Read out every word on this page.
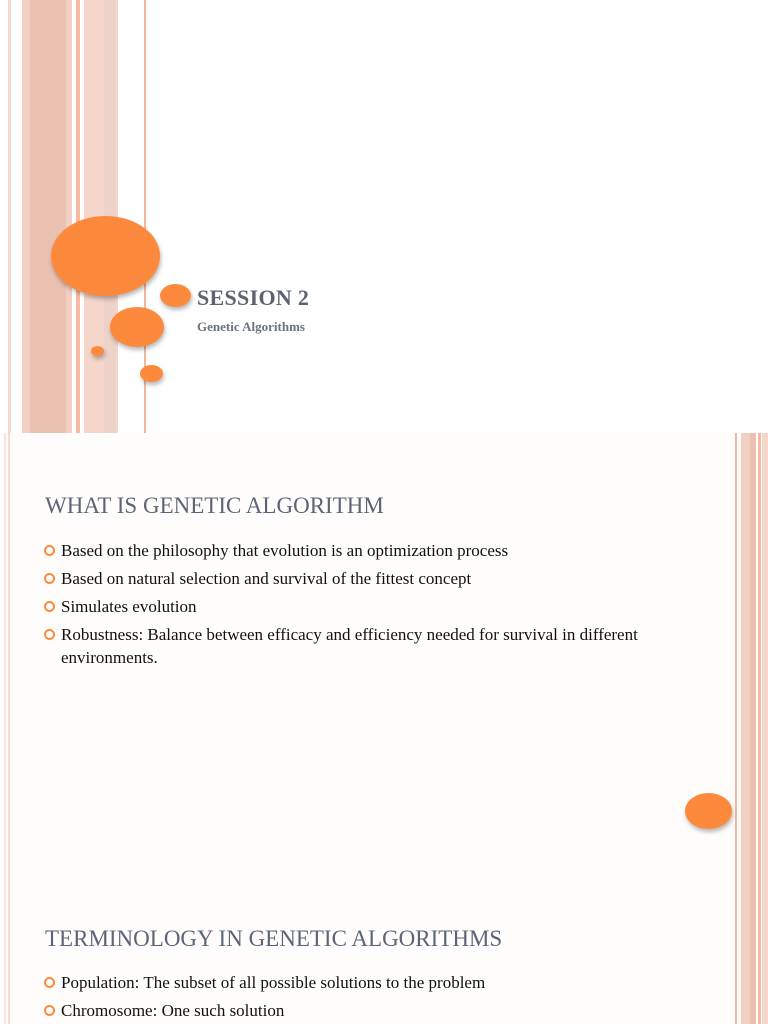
SESSION 2
Genetic Algorithms
WHAT IS GENETIC ALGORITHM
Based on the philosophy that evolution is an optimization process
Based on natural selection and survival of the fittest concept
Simulates evolution
Robustness: Balance between efficacy and efficiency needed for survival in different environments.
TERMINOLOGY IN GENETIC ALGORITHMS
Population: The subset of all possible solutions to the problem
Chromosome: One such solution
